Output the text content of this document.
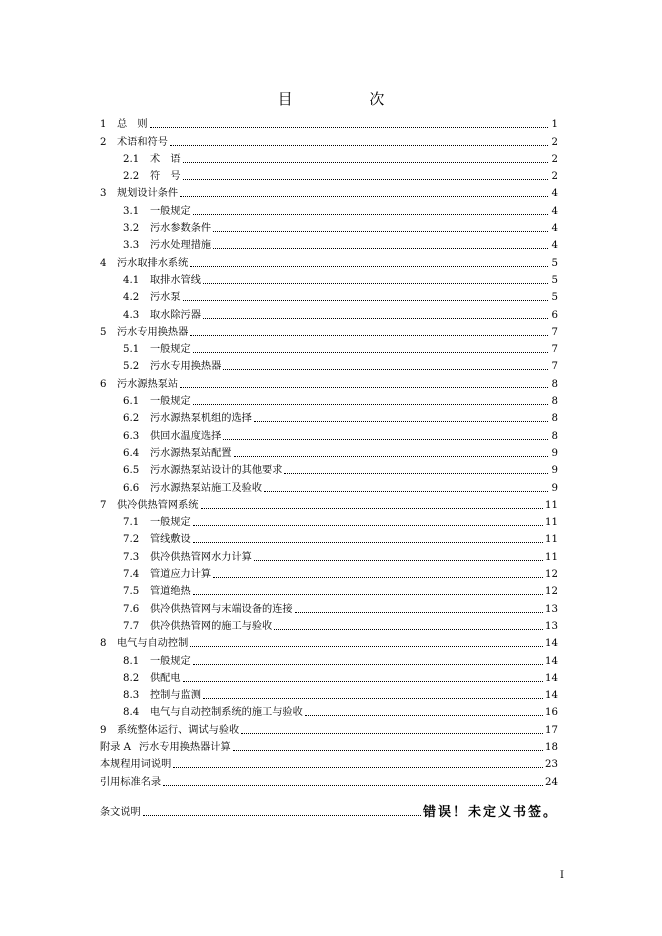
目 次
1	总　则	1
2	术语和符号	2
2.1	术　语	2
2.2	符　号	2
3	规划设计条件	4
3.1	一般规定	4
3.2	污水参数条件	4
3.3	污水处理措施	4
4	污水取排水系统	5
4.1	取排水管线	5
4.2	污水泵	5
4.3	取水除污器	6
5	污水专用换热器	7
5.1	一般规定	7
5.2	污水专用换热器	7
6	污水源热泵站	8
6.1	一般规定	8
6.2	污水源热泵机组的选择	8
6.3	供回水温度选择	8
6.4	污水源热泵站配置	9
6.5	污水源热泵站设计的其他要求	9
6.6	污水源热泵站施工及验收	9
7	供冷供热管网系统	11
7.1	一般规定	11
7.2	管线敷设	11
7.3	供冷供热管网水力计算	11
7.4	管道应力计算	12
7.5	管道绝热	12
7.6	供冷供热管网与末端设备的连接	13
7.7	供冷供热管网的施工与验收	13
8	电气与自动控制	14
8.1	一般规定	14
8.2	供配电	14
8.3	控制与监测	14
8.4	电气与自动控制系统的施工与验收	16
9	系统整体运行、调试与验收	17
附录 A 污水专用换热器计算	18
本规程用词说明	23
引用标准名录	24
条文说明	错误！未定义书签。
I
